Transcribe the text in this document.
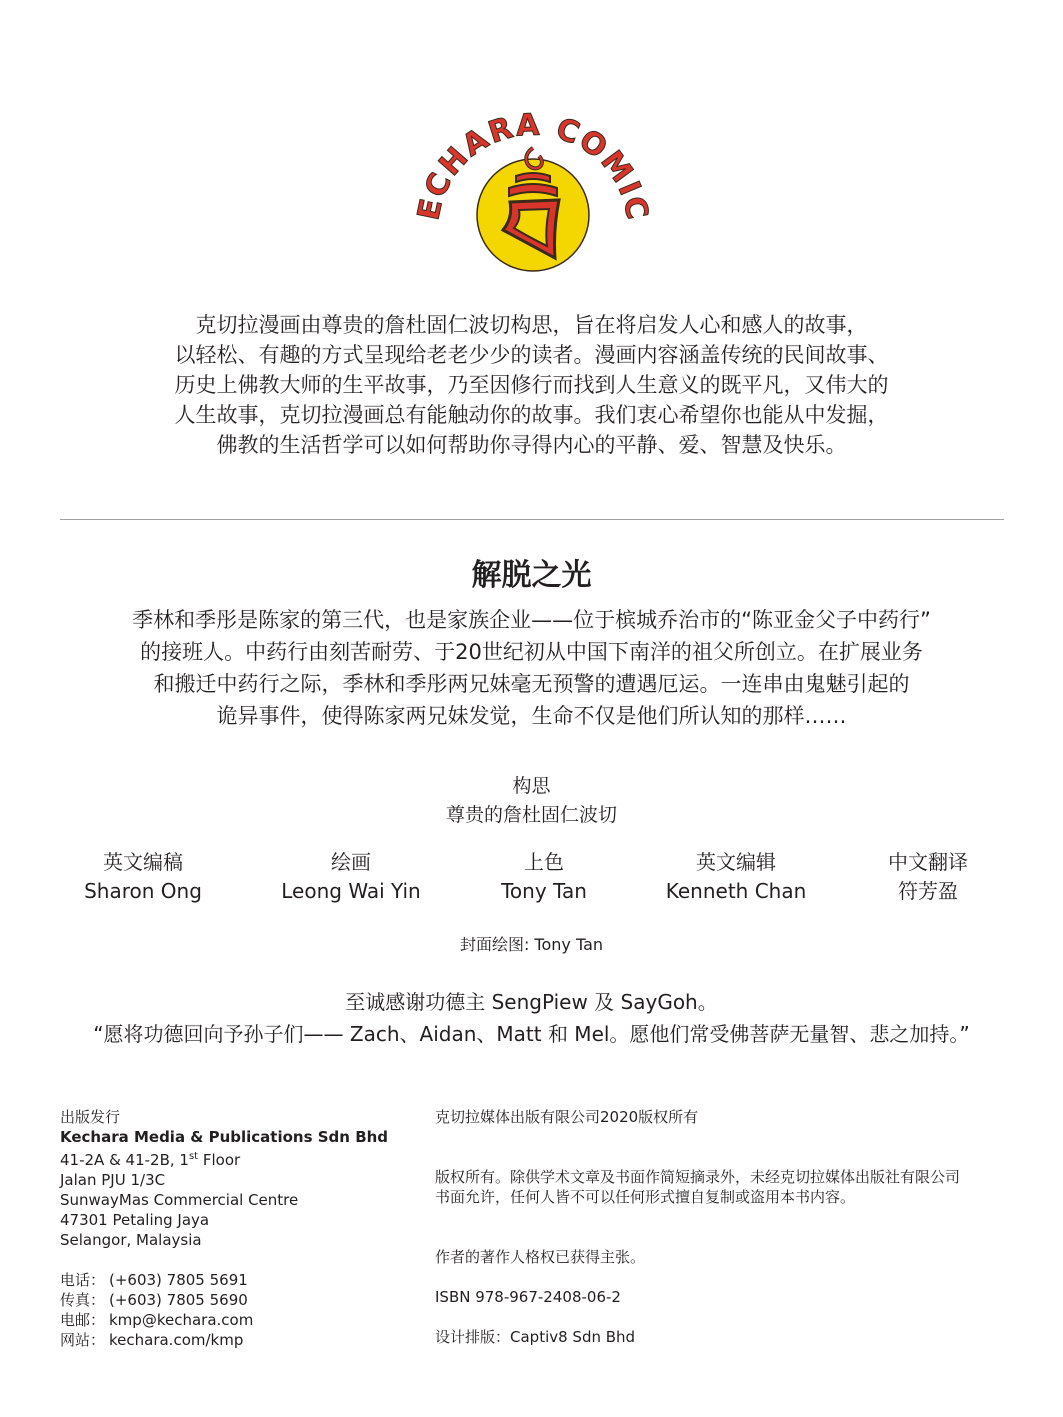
ECHARA COMIC

克切拉漫画由尊贵的詹杜固仁波切构思，旨在将启发人心和感人的故事，

以轻松、有趣的方式呈现给老老少少的读者。漫画内容涵盖传统的民间故事、

历史上佛教大师的生平故事，乃至因修行而找到人生意义的既平凡，又伟大的

人生故事，克切拉漫画总有能触动你的故事。我们衷心希望你也能从中发掘，

佛教的生活哲学可以如何帮助你寻得内心的平静、爱、智慧及快乐。

解脱之光

季林和季彤是陈家的第三代，也是家族企业——位于槟城乔治市的“陈亚金父子中药行”

的接班人。中药行由刻苦耐劳、于20世纪初从中国下南洋的祖父所创立。在扩展业务

和搬迁中药行之际，季林和季彤两兄妹毫无预警的遭遇厄运。一连串由鬼魅引起的

诡异事件，使得陈家两兄妹发觉，生命不仅是他们所认知的那样……

构思
尊贵的詹杜固仁波切
英文编稿
Sharon Ong
绘画
Leong Wai Yin
上色
Tony Tan
英文编辑
Kenneth Chan
中文翻译
符芳盈
封面绘图: Tony Tan
至诚感谢功德主 SengPiew 及 SayGoh。
“愿将功德回向予孙子们—— Zach、Aidan、Matt 和 Mel。愿他们常受佛菩萨无量智、悲之加持。”
出版发行
Kechara Media & Publications Sdn Bhd
41-2A & 41-2B, 1st Floor
Jalan PJU 1/3C
SunwayMas Commercial Centre
47301 Petaling Jaya
Selangor, Malaysia
电话： (+603) 7805 5691
传真： (+603) 7805 5690
电邮： kmp@kechara.com
网站： kechara.com/kmp
克切拉媒体出版有限公司2020版权所有
版权所有。除供学术文章及书面作简短摘录外，未经克切拉媒体出版社有限公司
书面允许，任何人皆不可以任何形式擅自复制或盗用本书内容。
作者的著作人格权已获得主张。
ISBN 978-967-2408-06-2
设计排版：Captiv8 Sdn Bhd
